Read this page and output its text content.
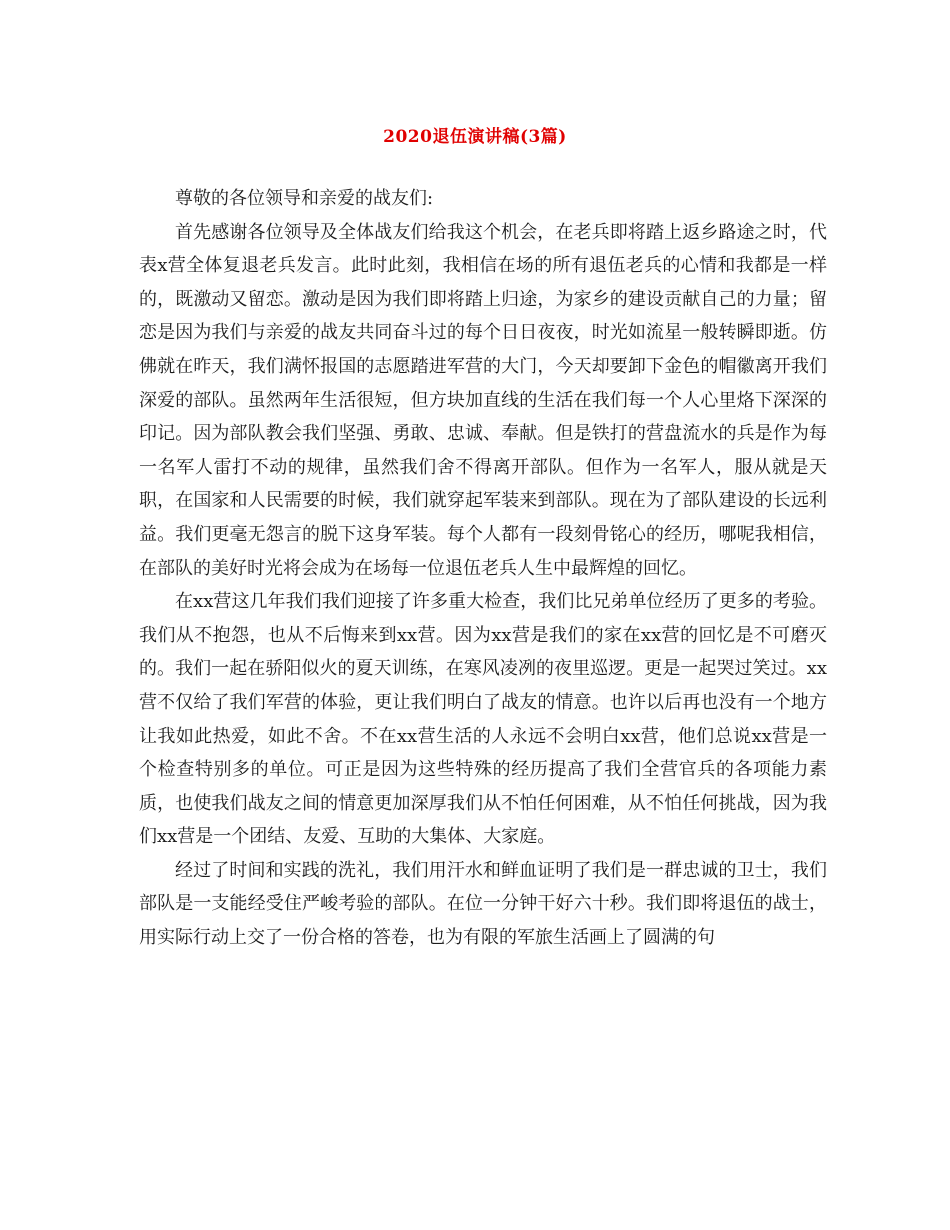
2020退伍演讲稿(3篇)

尊敬的各位领导和亲爱的战友们:

首先感谢各位领导及全体战友们给我这个机会，在老兵即将踏上返乡路途之时，代表x营全体复退老兵发言。此时此刻，我相信在场的所有退伍老兵的心情和我都是一样的，既激动又留恋。激动是因为我们即将踏上归途，为家乡的建设贡献自己的力量；留恋是因为我们与亲爱的战友共同奋斗过的每个日日夜夜，时光如流星一般转瞬即逝。仿佛就在昨天，我们满怀报国的志愿踏进军营的大门，今天却要卸下金色的帽徽离开我们深爱的部队。虽然两年生活很短，但方块加直线的生活在我们每一个人心里烙下深深的印记。因为部队教会我们坚强、勇敢、忠诚、奉献。但是铁打的营盘流水的兵是作为每一名军人雷打不动的规律，虽然我们舍不得离开部队。但作为一名军人，服从就是天职，在国家和人民需要的时候，我们就穿起军装来到部队。现在为了部队建设的长远利益。我们更毫无怨言的脱下这身军装。每个人都有一段刻骨铭心的经历，哪呢我相信，在部队的美好时光将会成为在场每一位退伍老兵人生中最辉煌的回忆。

在xx营这几年我们我们迎接了许多重大检查，我们比兄弟单位经历了更多的考验。我们从不抱怨，也从不后悔来到xx营。因为xx营是我们的家在xx营的回忆是不可磨灭的。我们一起在骄阳似火的夏天训练，在寒风凌冽的夜里巡逻。更是一起哭过笑过。xx营不仅给了我们军营的体验，更让我们明白了战友的情意。也许以后再也没有一个地方让我如此热爱，如此不舍。不在xx营生活的人永远不会明白xx营，他们总说xx营是一个检查特别多的单位。可正是因为这些特殊的经历提高了我们全营官兵的各项能力素质，也使我们战友之间的情意更加深厚我们从不怕任何困难，从不怕任何挑战，因为我们xx营是一个团结、友爱、互助的大集体、大家庭。

经过了时间和实践的洗礼，我们用汗水和鲜血证明了我们是一群忠诚的卫士，我们部队是一支能经受住严峻考验的部队。在位一分钟干好六十秒。我们即将退伍的战士，用实际行动上交了一份合格的答卷，也为有限的军旅生活画上了圆满的句
